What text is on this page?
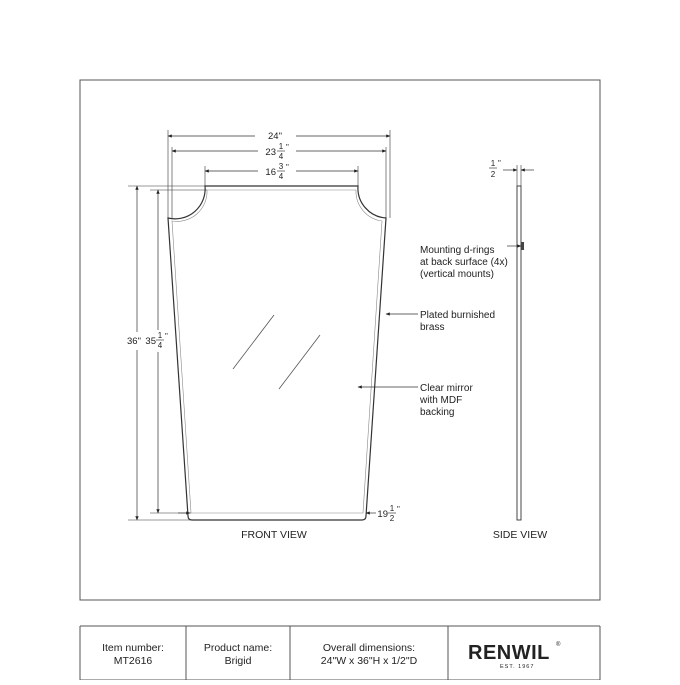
24"
23
1
4
"
16
3
4
"
36" 35
1
4
"
19
1
2
"
FRONT VIEW
1
2
"
SIDE VIEW
Mounting d-rings
at back surface (4x)
(vertical mounts)
Plated burnished
brass
Clear mirror
with MDF
backing
Item number:
MT2616
Product name:
Brigid
Overall dimensions:
24"W x 36"H x 1/2"D	RENWIL ®
EST. 1967
